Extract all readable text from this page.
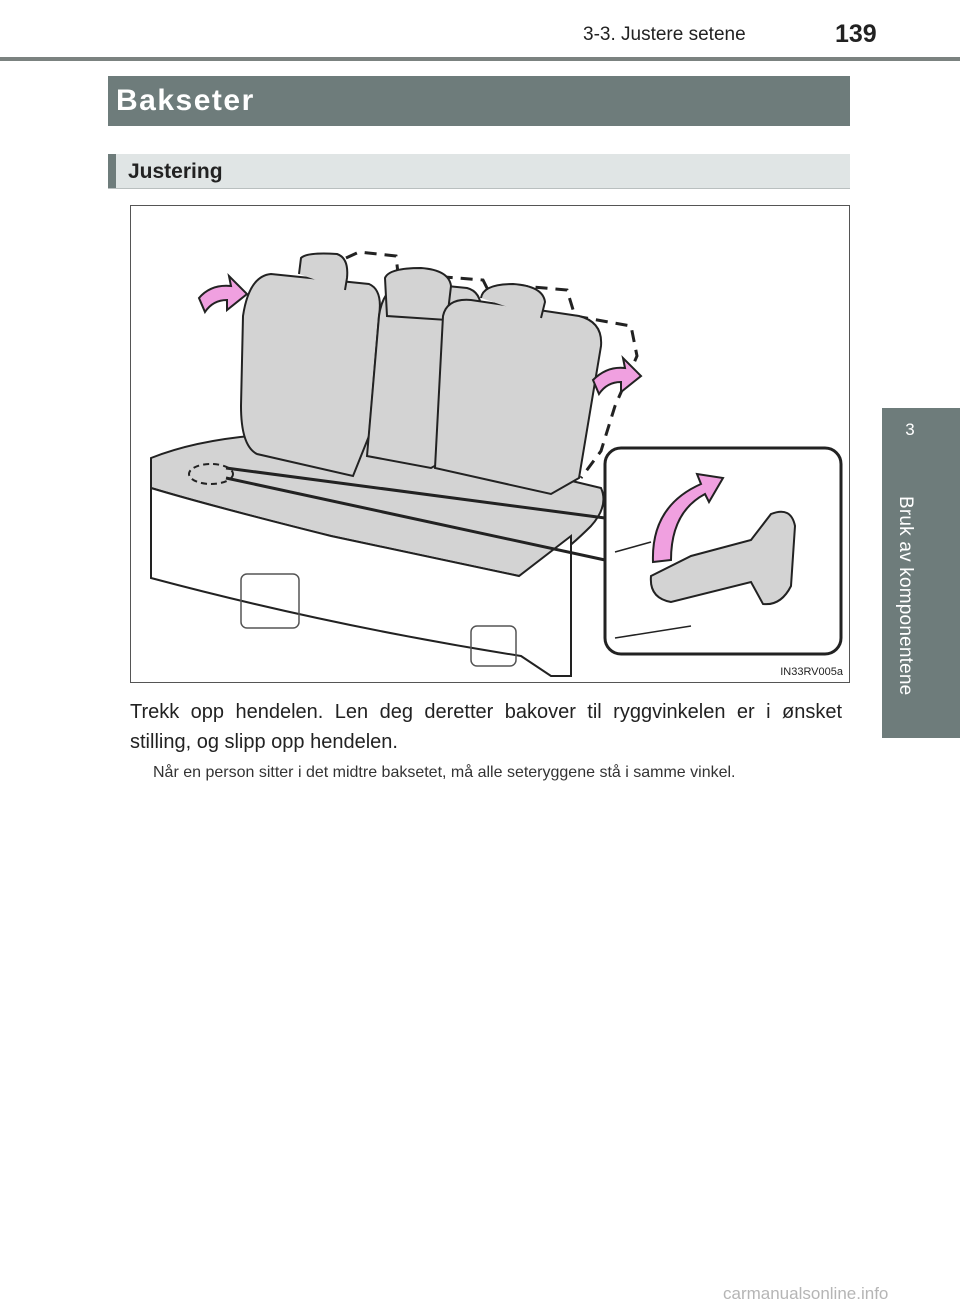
3-3. Justere setene	139
3
Bruk av komponentene
Bakseter
Justering
IN33RV005a
Trekk opp hendelen. Len deg deretter bakover til ryggvinkelen er i ønsket stilling, og slipp opp hendelen.
Når en person sitter i det midtre baksetet, må alle seteryggene stå i samme vinkel.
carmanualsonline.info
